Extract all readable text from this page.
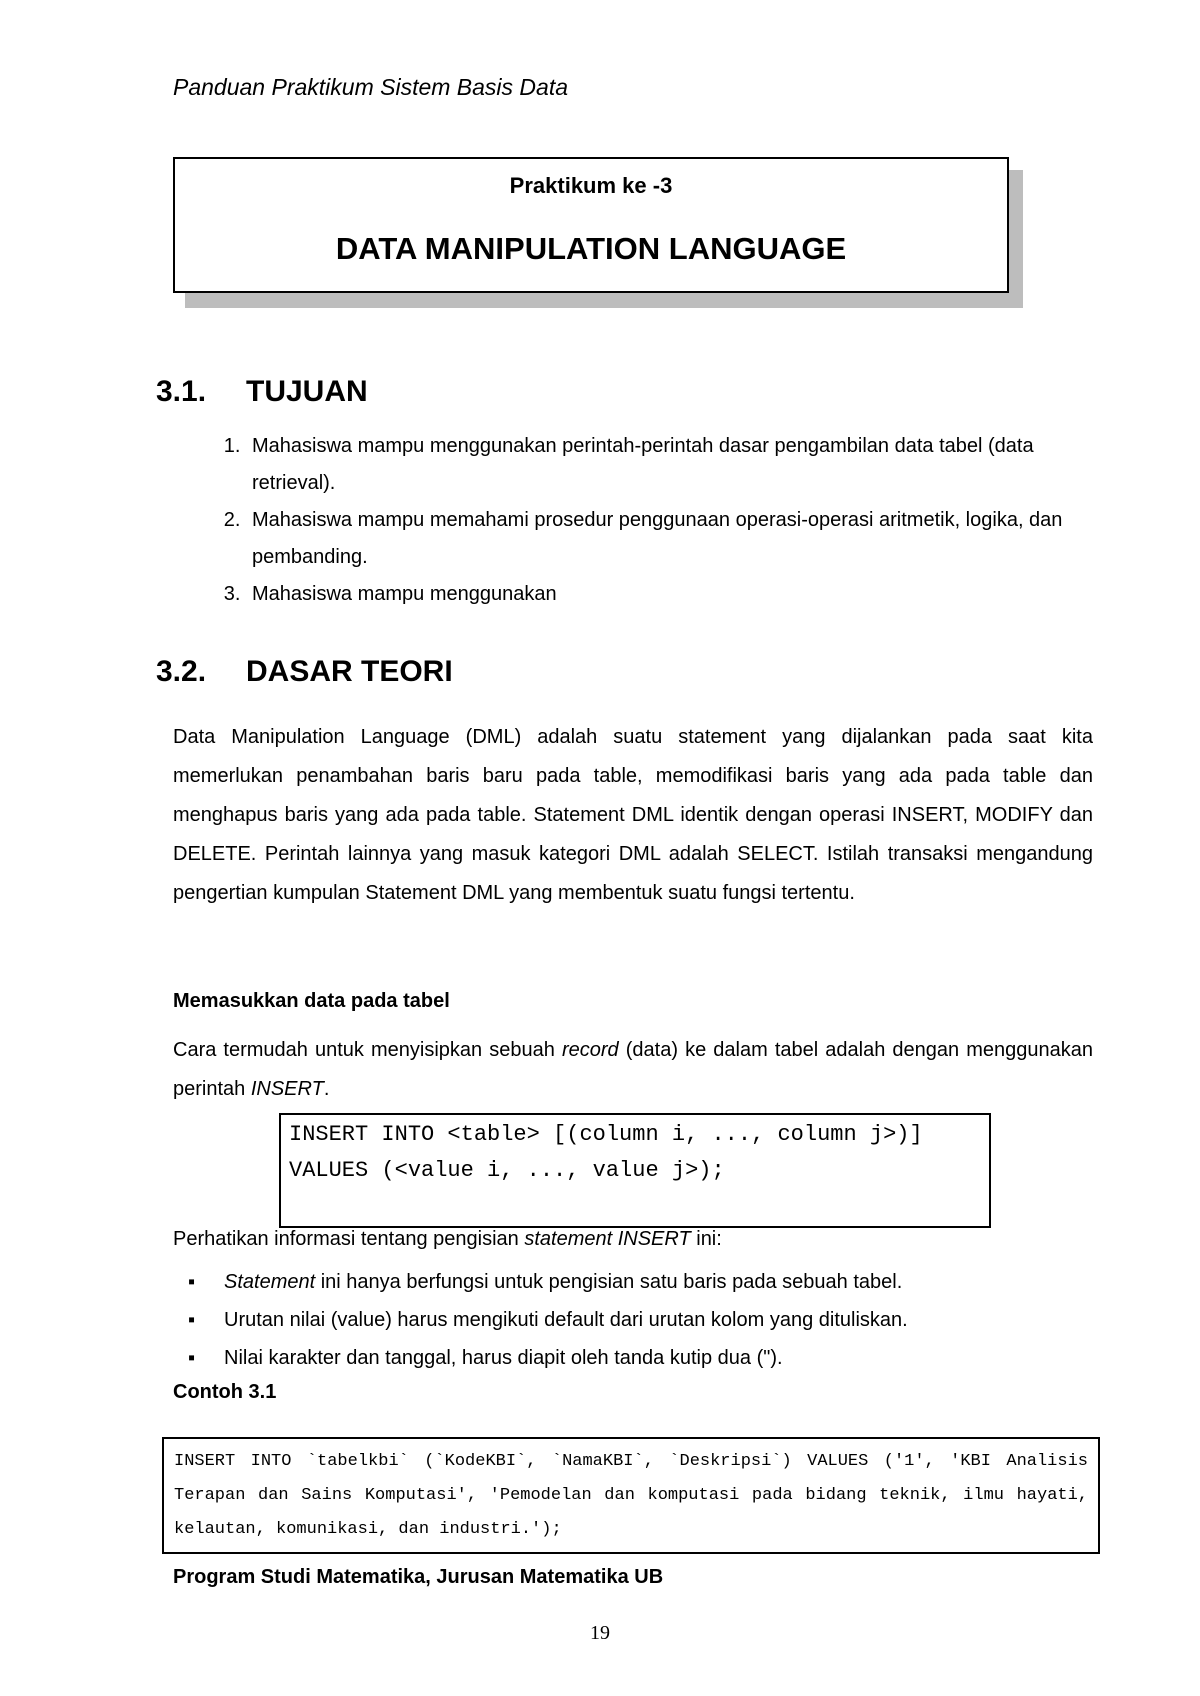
Panduan Praktikum Sistem Basis Data
Praktikum ke -3
DATA MANIPULATION LANGUAGE
3.1. TUJUAN
1. Mahasiswa mampu menggunakan perintah-perintah dasar pengambilan data tabel (data retrieval).
2. Mahasiswa mampu memahami prosedur penggunaan operasi-operasi aritmetik, logika, dan pembanding.
3. Mahasiswa mampu menggunakan
3.2. DASAR TEORI
Data Manipulation Language (DML) adalah suatu statement yang dijalankan pada saat kita memerlukan penambahan baris baru pada table, memodifikasi baris yang ada pada table dan menghapus baris yang ada pada table. Statement DML identik dengan operasi INSERT, MODIFY dan DELETE. Perintah lainnya yang masuk kategori DML adalah SELECT. Istilah transaksi mengandung pengertian kumpulan Statement DML yang membentuk suatu fungsi tertentu.
Memasukkan data pada tabel
Cara termudah untuk menyisipkan sebuah record (data) ke dalam tabel adalah dengan menggunakan perintah INSERT.
INSERT INTO <table> [(column i, ..., column j>)]
VALUES (<value i, ..., value j>);
Perhatikan informasi tentang pengisian statement INSERT ini:
▪ Statement ini hanya berfungsi untuk pengisian satu baris pada sebuah tabel.
▪ Urutan nilai (value) harus mengikuti default dari urutan kolom yang dituliskan.
▪ Nilai karakter dan tanggal, harus diapit oleh tanda kutip dua (").
Contoh 3.1
INSERT INTO `tabelkbi` (`KodeKBI`, `NamaKBI`, `Deskripsi`) VALUES ('1', 'KBI Analisis Terapan dan Sains Komputasi', 'Pemodelan dan komputasi pada bidang teknik, ilmu hayati, kelautan, komunikasi, dan industri.');
Program Studi Matematika, Jurusan Matematika UB
19
